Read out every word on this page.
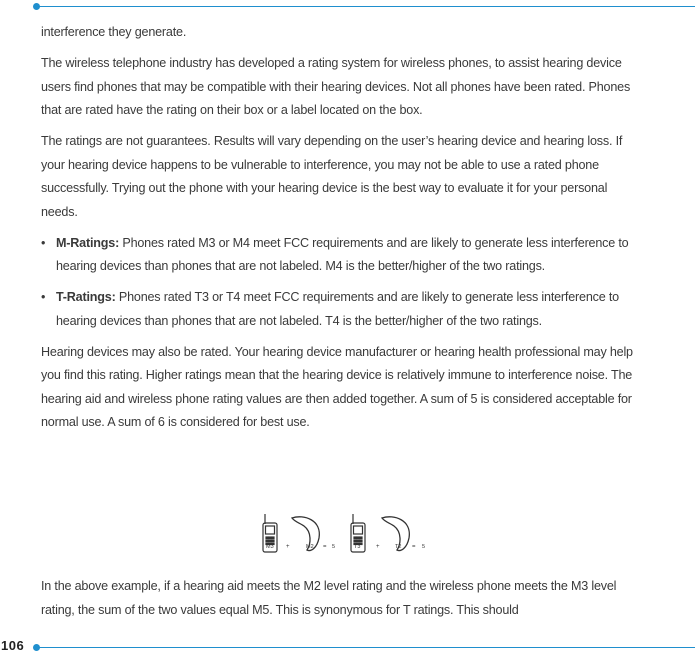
interference they generate.

The wireless telephone industry has developed a rating system for wireless phones, to assist hearing device users find phones that may be compatible with their hearing devices. Not all phones have been rated. Phones that are rated have the rating on their box or a label located on the box.

The ratings are not guarantees. Results will vary depending on the user’s hearing device and hearing loss. If your hearing device happens to be vulnerable to interference, you may not be able to use a rated phone successfully. Trying out the phone with your hearing device is the best way to evaluate it for your personal needs.

• M-Ratings: Phones rated M3 or M4 meet FCC requirements and are likely to generate less interference to hearing devices than phones that are not labeled. M4 is the better/higher of the two ratings.
• T-Ratings: Phones rated T3 or T4 meet FCC requirements and are likely to generate less interference to hearing devices than phones that are not labeled. T4 is the better/higher of the two ratings.

Hearing devices may also be rated. Your hearing device manufacturer or hearing health professional may help you find this rating. Higher ratings mean that the hearing device is relatively immune to interference noise. The hearing aid and wireless phone rating values are then added together. A sum of 5 is considered acceptable for normal use. A sum of 6 is considered for best use.

In the above example, if a hearing aid meets the M2 level rating and the wireless phone meets the M3 level rating, the sum of the two values equal M5. This is synonymous for T ratings. This should

M3 +	M2 = 5	T3	+	T2 = 5
106
